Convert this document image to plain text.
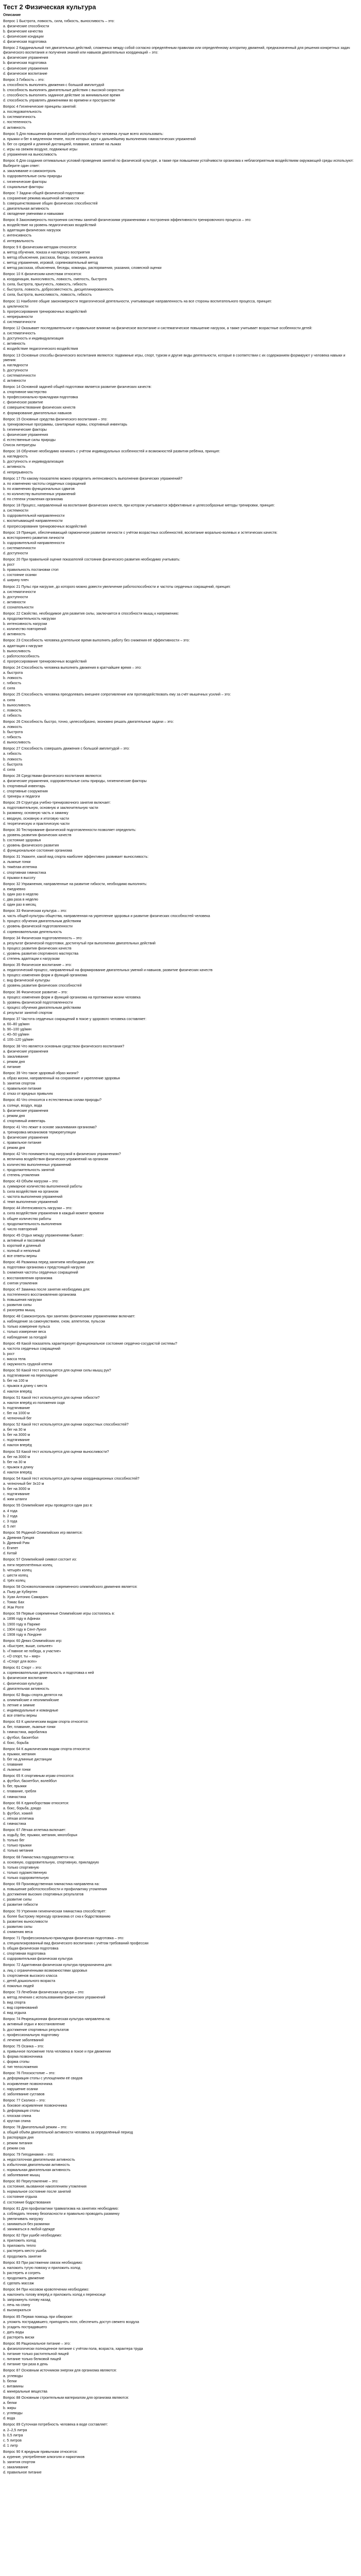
Тест 2 Физическая культура
Описание
Вопрос 1 Быстрота, ловкость, сила, гибкость, выносливость – это:
а. физические способности
b. физические качества
c. физические кондиции
d. физическая подготовка
Вопрос 2 Кардинальный тип двигательных действий, сложенных между собой согласно определённым правилам или определённому алгоритму движений, предназначенный для решения конкретных задач физического воспитания и получения знаний или навыков двигательных координаций – это:
а. физические упражнения
b. физическая подготовка
c. физические упражнения
d. физическое воспитание
Вопрос 3 Гибкость – это:
а. способность выполнять движения с большой амплитудой
b. способность выполнять двигательные действия с высокой скоростью
c. способность выполнять заданное действие за минимальное время
d. способность управлять движениями во времени и пространстве
Вопрос 4 Гигиенические принципы занятий:
а. последовательность
b. систематичность
c. постепенность
d. активность
Вопрос 5 Для повышения физической работоспособности человека лучше всего использовать:
а. прыжки и бег в медленном темпе, после которых идут к дальнейшему выполнению гимнастических упражнений
b. бег со средней и длинной дистанцией, плавание, катание на лыжах
c. игры на свежем воздухе, подвижные игры
d. упражнения на выносливость
Вопрос 6 Для создания оптимальных условий проведения занятий по физической культуре, а также при повышении устойчивости организма к неблагоприятным воздействиям окружающей среды используют:
Выберите один ответ:
а. закаливание и самоконтроль
b. оздоровительные силы природы
c. гигиенические факторы
d. социальные факторы
Вопрос 7 Задачи общей физической подготовки:
а. сохранение режима мышечной активности
b. совершенствование общих физических способностей
c. двигательная активность
d. овладение умениями и навыками
Вопрос 8 Закономерность построения системы занятий физическими упражнениями и построения эффективности тренировочного процесса – это:
а. воздействие на уровень педагогических воздействий
b. адаптация физических нагрузок
c. интенсивность
d. интервальность
Вопрос 9 К физическим методам относятся:
а. метод обучения, показа и наглядного восприятия
b. метод объяснения, рассказа, беседы, описания, анализа
c. метод упражнения, игровой, соревновательный метод
d. метод рассказа, объяснения, беседы, команды, распоряжения, указания, словесной оценки
Вопрос 10 К физическим качествам относятся:
а. координация, выносливость, ловкость, смелость, быстрота
b. сила, быстрота, прыгучесть, ловкость, гибкость
c. быстрота, ловкость, добросовестность, дисциплинированность
d. сила, быстрота, выносливость, ловкость, гибкость
Вопрос 11 Наиболее общие закономерности педагогической деятельности, учитывающие направленность на все стороны воспитательного процесса, принцип:
а. цикличности
b. прогрессирования тренировочных воздействий
c. непрерывности
d. систематичности
Вопрос 12 Оказывает последовательное и правильное влияние на физическое воспитание и систематическое повышение нагрузок, а также учитывает возрастные особенности детей:
а. систематичность
b. доступность и индивидуализация
c. активность
d. воздействие педагогического воздействия
Вопрос 13 Основные способы физического воспитания являются: подвижные игры, спорт, туризм и другие виды деятельности, которые в соответствии с их содержанием формируют у человека навыки и умения:
а. наглядности
b. доступности
c. систематичности
d. активности
Вопрос 14 Основной задачей общей подготовки является развитие физических качеств:
а. спортивное мастерство
b. профессионально-прикладная подготовка
c. физическое развитие
d. совершенствование физических качеств
e. формирование двигательных навыков
Вопрос 15 Основные средства физического воспитания – это:
а. тренировочные программы, санитарные нормы, спортивный инвентарь
b. гигиенические факторы
c. физические упражнения
d. естественные силы природы
Список литературы
Вопрос 16 Обучение необходимо начинать с учётом индивидуальных особенностей и возможностей развития ребёнка, принцип:
а. наглядность
b. доступность и индивидуализация
c. активность
d. непрерывность
Вопрос 17 По какому показателю можно определить интенсивность выполнения физических упражнений?
а. по изменению частоты сердечных сокращений
b. по изменению функциональных сдвигов
c. по количеству выполненных упражнений
d. по степени утомления организма
Вопрос 18 Процесс, направленный на воспитание физических качеств, при котором учитываются эффективные и целесообразные методы тренировки, принцип:
а. системности
b. оздоровительной направленности
c. воспитывающей направленности
d. прогрессирования тренировочных воздействий
Вопрос 19 Принцип, обеспечивающий гармоничное развитие личности с учётом возрастных особенностей, воспитание морально-волевых и эстетических качеств:
а. всестороннего развития личности
b. оздоровительной направленности
c. систематичности
d. доступности
Вопрос 20 При правильной оценке показателей состояния физического развития необходимо учитывать:
а. рост
b. правильность постановки стоп
c. состояние осанки
d. ширину плеч
Вопрос 21 Пульс при нагрузке, до которого можно довести увеличение работоспособности и частоты сердечных сокращений, принцип:
а. систематичности
b. доступности
c. активности
d. сознательности
Вопрос 22 Свойство, необходимое для развития силы, заключается в способности мышц к напряжению:
а. продолжительность нагрузки
b. интенсивность нагрузки
c. количество повторений
d. активность
Вопрос 23 Способность человека длительное время выполнять работу без снижения её эффективности – это:
а. адаптация к нагрузке
b. выносливость
c. работоспособность
d. прогрессирование тренировочных воздействий
Вопрос 24 Способность человека выполнять движения в кратчайшее время – это:
а. быстрота
b. ловкость
c. гибкость
d. сила
Вопрос 25 Способность человека преодолевать внешнее сопротивление или противодействовать ему за счёт мышечных усилий – это:
а. сила
b. выносливость
c. ловкость
d. гибкость
Вопрос 26 Способность быстро, точно, целесообразно, экономно решать двигательные задачи – это:
а. ловкость
b. быстрота
c. гибкость
d. выносливость
Вопрос 27 Способность совершать движения с большой амплитудой – это:
а. гибкость
b. ловкость
c. быстрота
d. сила
Вопрос 28 Средствами физического воспитания являются:
а. физические упражнения, оздоровительные силы природы, гигиенические факторы
b. спортивный инвентарь
c. спортивные сооружения
d. тренеры и педагоги
Вопрос 29 Структура учебно-тренировочного занятия включает:
а. подготовительную, основную и заключительную части
b. разминку, основную часть и заминку
c. вводную, основную и итоговую части
d. теоретическую и практическую части
Вопрос 30 Тестирование физической подготовленности позволяет определить:
а. уровень развития физических качеств
b. состояние здоровья
c. уровень физического развития
d. функциональное состояние организма
Вопрос 31 Укажите, какой вид спорта наиболее эффективно развивает выносливость:
а. лыжные гонки
b. тяжёлая атлетика
c. спортивная гимнастика
d. прыжки в высоту
Вопрос 32 Упражнения, направленные на развитие гибкости, необходимо выполнять:
а. ежедневно
b. один раз в неделю
c. два раза в неделю
d. один раз в месяц
Вопрос 33 Физическая культура – это:
а. часть общей культуры общества, направленная на укрепление здоровья и развитие физических способностей человека
b. процесс обучения двигательным действиям
c. уровень физической подготовленности
d. соревновательная деятельность
Вопрос 34 Физическая подготовленность – это:
а. результат физической подготовки, достигнутый при выполнении двигательных действий
b. процесс развития физических качеств
c. уровень развития спортивного мастерства
d. степень адаптации к нагрузкам
Вопрос 35 Физическое воспитание – это:
а. педагогический процесс, направленный на формирование двигательных умений и навыков, развитие физических качеств
b. процесс изменения форм и функций организма
c. вид физической культуры
d. уровень развития физических способностей
Вопрос 36 Физическое развитие – это:
а. процесс изменения форм и функций организма на протяжении жизни человека
b. уровень физической подготовленности
c. процесс обучения двигательным действиям
d. результат занятий спортом
Вопрос 37 Частота сердечных сокращений в покое у здорового человека составляет:
а. 60–80 уд/мин
b. 90–100 уд/мин
c. 40–50 уд/мин
d. 100–120 уд/мин
Вопрос 38 Что является основным средством физического воспитания?
а. физические упражнения
b. закаливание
c. режим дня
d. питание
Вопрос 39 Что такое здоровый образ жизни?
а. образ жизни, направленный на сохранение и укрепление здоровья
b. занятия спортом
c. правильное питание
d. отказ от вредных привычек
Вопрос 40 Что относится к естественным силам природы?
а. солнце, воздух, вода
b. физические упражнения
c. режим дня
d. спортивный инвентарь
Вопрос 41 Что лежит в основе закаливания организма?
а. тренировка механизмов терморегуляции
b. физические упражнения
c. правильное питание
d. режим дня
Вопрос 42 Что понимается под нагрузкой в физических упражнениях?
а. величина воздействия физических упражнений на организм
b. количество выполненных упражнений
c. продолжительность занятий
d. степень утомления
Вопрос 43 Объём нагрузки – это:
а. суммарное количество выполненной работы
b. сила воздействия на организм
c. частота выполнения упражнений
d. темп выполнения упражнений
Вопрос 44 Интенсивность нагрузки – это:
а. сила воздействия упражнения в каждый момент времени
b. общее количество работы
c. продолжительность выполнения
d. число повторений
Вопрос 45 Отдых между упражнениями бывает:
а. активный и пассивный
b. короткий и длинный
c. полный и неполный
d. все ответы верны
Вопрос 46 Разминка перед занятием необходима для:
а. подготовки организма к предстоящей нагрузке
b. снижения частоты сердечных сокращений
c. восстановления организма
d. снятия утомления
Вопрос 47 Заминка после занятия необходима для:
а. постепенного восстановления организма
b. повышения нагрузки
c. развития силы
d. разогрева мышц
Вопрос 48 Самоконтроль при занятиях физическими упражнениями включает:
а. наблюдение за самочувствием, сном, аппетитом, пульсом
b. только измерение пульса
c. только измерение веса
d. наблюдение за погодой
Вопрос 49 Какой показатель характеризует функциональное состояние сердечно-сосудистой системы?
а. частота сердечных сокращений
b. рост
c. масса тела
d. окружность грудной клетки
Вопрос 50 Какой тест используется для оценки силы мышц рук?
а. подтягивание на перекладине
b. бег на 100 м
c. прыжок в длину с места
d. наклон вперёд
Вопрос 51 Какой тест используется для оценки гибкости?
а. наклон вперёд из положения сидя
b. подтягивание
c. бег на 1000 м
d. челночный бег
Вопрос 52 Какой тест используется для оценки скоростных способностей?
а. бег на 30 м
b. бег на 3000 м
c. подтягивание
d. наклон вперёд
Вопрос 53 Какой тест используется для оценки выносливости?
а. бег на 3000 м
b. бег на 30 м
c. прыжок в длину
d. наклон вперёд
Вопрос 54 Какой тест используется для оценки координационных способностей?
а. челночный бег 3х10 м
b. бег на 3000 м
c. подтягивание
d. жим штанги
Вопрос 55 Олимпийские игры проводятся один раз в:
а. 4 года
b. 2 года
c. 3 года
d. 5 лет
Вопрос 56 Родиной Олимпийских игр является:
а. Древняя Греция
b. Древний Рим
c. Египет
d. Китай
Вопрос 57 Олимпийский символ состоит из:
а. пяти переплетённых колец
b. четырёх колец
c. шести колец
d. трёх колец
Вопрос 58 Основоположником современного олимпийского движения является:
а. Пьер де Кубертен
b. Хуан Антонио Самаранч
c. Томас Бах
d. Жак Рогге
Вопрос 59 Первые современные Олимпийские игры состоялись в:
а. 1896 году в Афинах
b. 1900 году в Париже
c. 1904 году в Сент-Луисе
d. 1908 году в Лондоне
Вопрос 60 Девиз Олимпийских игр:
а. «Быстрее, выше, сильнее»
b. «Главное не победа, а участие»
c. «О спорт, ты – мир»
d. «Спорт для всех»
Вопрос 61 Спорт – это:
а. соревновательная деятельность и подготовка к ней
b. физическое воспитание
c. физическая культура
d. двигательная активность
Вопрос 62 Виды спорта делятся на:
а. олимпийские и неолимпийские
b. летние и зимние
c. индивидуальные и командные
d. все ответы верны
Вопрос 63 К циклическим видам спорта относятся:
а. бег, плавание, лыжные гонки
b. гимнастика, акробатика
c. футбол, баскетбол
d. бокс, борьба
Вопрос 64 К ациклическим видам спорта относятся:
а. прыжки, метания
b. бег на длинные дистанции
c. плавание
d. лыжные гонки
Вопрос 65 К спортивным играм относятся:
а. футбол, баскетбол, волейбол
b. бег, прыжки
c. плавание, гребля
d. гимнастика
Вопрос 66 К единоборствам относятся:
а. бокс, борьба, дзюдо
b. футбол, хоккей
c. лёгкая атлетика
d. гимнастика
Вопрос 67 Лёгкая атлетика включает:
а. ходьбу, бег, прыжки, метания, многоборья
b. только бег
c. только прыжки
d. только метания
Вопрос 68 Гимнастика подразделяется на:
а. основную, оздоровительную, спортивную, прикладную
b. только спортивную
c. только художественную
d. только оздоровительную
Вопрос 69 Производственная гимнастика направлена на:
а. повышение работоспособности и профилактику утомления
b. достижение высоких спортивных результатов
c. развитие силы
d. развитие гибкости
Вопрос 70 Утренняя гигиеническая гимнастика способствует:
а. более быстрому переходу организма от сна к бодрствованию
b. развитию выносливости
c. развитию силы
d. снижению веса
Вопрос 71 Профессионально-прикладная физическая подготовка – это:
а. специализированный вид физического воспитания с учётом требований профессии
b. общая физическая подготовка
c. спортивная подготовка
d. оздоровительная физическая культура
Вопрос 72 Адаптивная физическая культура предназначена для:
а. лиц с ограниченными возможностями здоровья
b. спортсменов высокого класса
c. детей дошкольного возраста
d. пожилых людей
Вопрос 73 Лечебная физическая культура – это:
а. метод лечения с использованием физических упражнений
b. вид спорта
c. вид соревнований
d. вид отдыха
Вопрос 74 Рекреационная физическая культура направлена на:
а. активный отдых и восстановление
b. достижение спортивных результатов
c. профессиональную подготовку
d. лечение заболеваний
Вопрос 75 Осанка – это:
а. привычное положение тела человека в покое и при движении
b. форма позвоночника
c. форма стопы
d. тип телосложения
Вопрос 76 Плоскостопие – это:
а. деформация стопы с уплощением её сводов
b. искривление позвоночника
c. нарушение осанки
d. заболевание суставов
Вопрос 77 Сколиоз – это:
а. боковое искривление позвоночника
b. деформация стопы
c. плоская спина
d. круглая спина
Вопрос 78 Двигательный режим – это:
а. общий объём двигательной активности человека за определённый период
b. распорядок дня
c. режим питания
d. режим сна
Вопрос 79 Гиподинамия – это:
а. недостаточная двигательная активность
b. избыточная двигательная активность
c. нормальная двигательная активность
d. заболевание мышц
Вопрос 80 Переутомление – это:
а. состояние, вызванное накоплением утомления
b. нормальное состояние после занятий
c. состояние отдыха
d. состояние бодрствования
Вопрос 81 Для профилактики травматизма на занятиях необходимо:
а. соблюдать технику безопасности и правильно проводить разминку
b. увеличивать нагрузку
c. заниматься без разминки
d. заниматься в любой одежде
Вопрос 82 При ушибе необходимо:
а. приложить холод
b. приложить тепло
c. растереть место ушиба
d. продолжить занятие
Вопрос 83 При растяжении связок необходимо:
а. наложить тугую повязку и приложить холод
b. растереть и согреть
c. продолжить движение
d. сделать массаж
Вопрос 84 При носовом кровотечении необходимо:
а. наклонить голову вперёд и приложить холод к переносице
b. запрокинуть голову назад
c. лечь на спину
d. высморкаться
Вопрос 85 Первая помощь при обмороке:
а. уложить пострадавшего, приподнять ноги, обеспечить доступ свежего воздуха
b. усадить пострадавшего
c. дать воды
d. растереть виски
Вопрос 86 Рациональное питание – это:
а. физиологически полноценное питание с учётом пола, возраста, характера труда
b. питание только растительной пищей
c. питание только белковой пищей
d. питание три раза в день
Вопрос 87 Основным источником энергии для организма являются:
а. углеводы
b. белки
c. витамины
d. минеральные вещества
Вопрос 88 Основным строительным материалом для организма являются:
а. белки
b. жиры
c. углеводы
d. вода
Вопрос 89 Суточная потребность человека в воде составляет:
а. 2–2,5 литра
b. 0,5 литра
c. 5 литров
d. 1 литр
Вопрос 90 К вредным привычкам относятся:
а. курение, употребление алкоголя и наркотиков
b. занятия спортом
c. закаливание
d. правильное питание
